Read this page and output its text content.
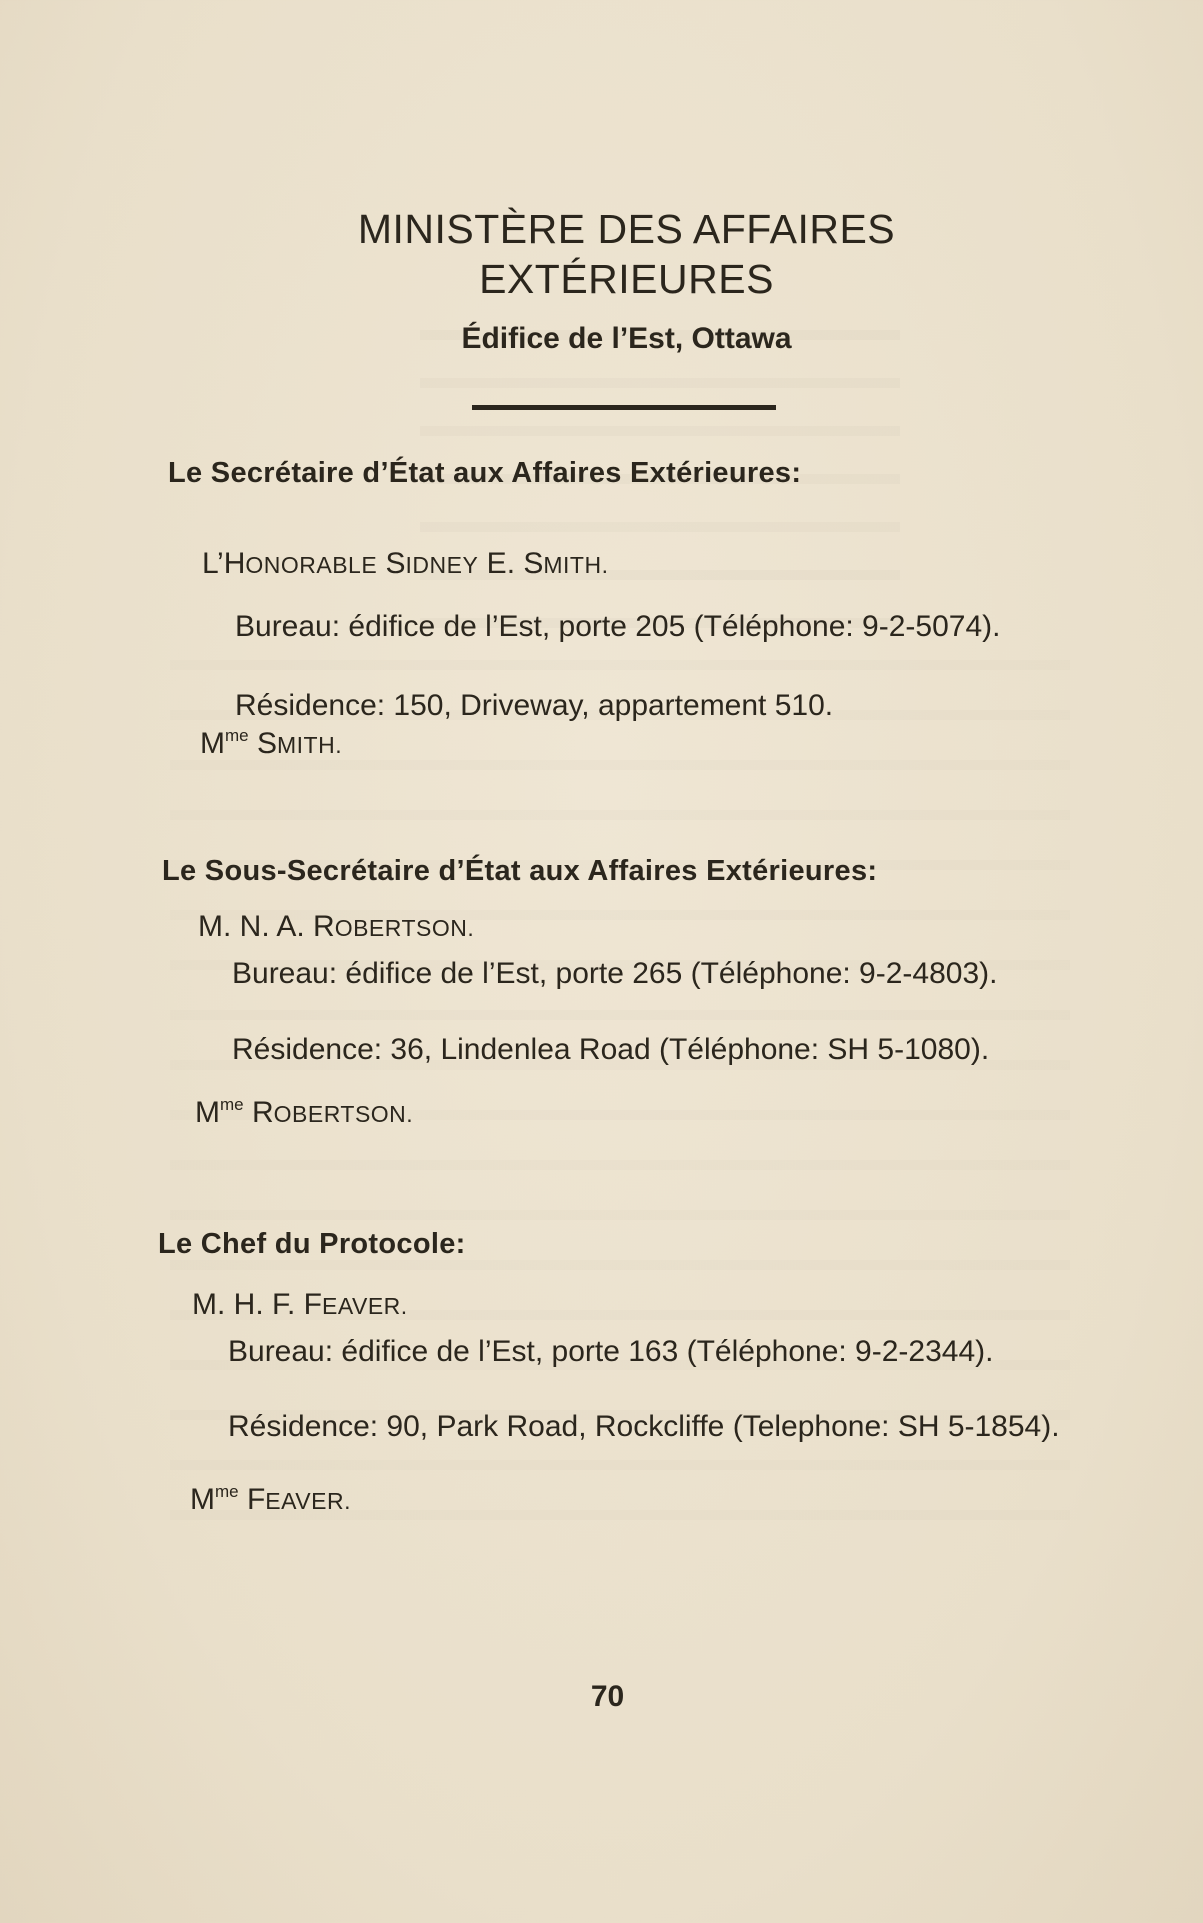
MINISTÈRE DES AFFAIRES
EXTÉRIEURES
Édifice de l’Est, Ottawa
Le Secrétaire d’État aux Affaires Extérieures:
L’HONORABLE SIDNEY E. SMITH.
Bureau: édifice de l’Est, porte 205 (Téléphone: 9-2-5074).
Résidence: 150, Driveway, appartement 510.
$M^{me}$ SMITH.
Le Sous-Secrétaire d’État aux Affaires Extérieures:
M. N. A. ROBERTSON.
Bureau: édifice de l’Est, porte 265 (Téléphone: 9-2-4803).
Résidence: 36, Lindenlea Road (Téléphone: SH 5-1080).
$M^{me}$ ROBERTSON.
Le Chef du Protocole:
M. H. F. FEAVER.
Bureau: édifice de l’Est, porte 163 (Téléphone: 9-2-2344).
Résidence: 90, Park Road, Rockcliffe (Telephone: SH 5-1854).
$M^{me}$ FEAVER.
70
